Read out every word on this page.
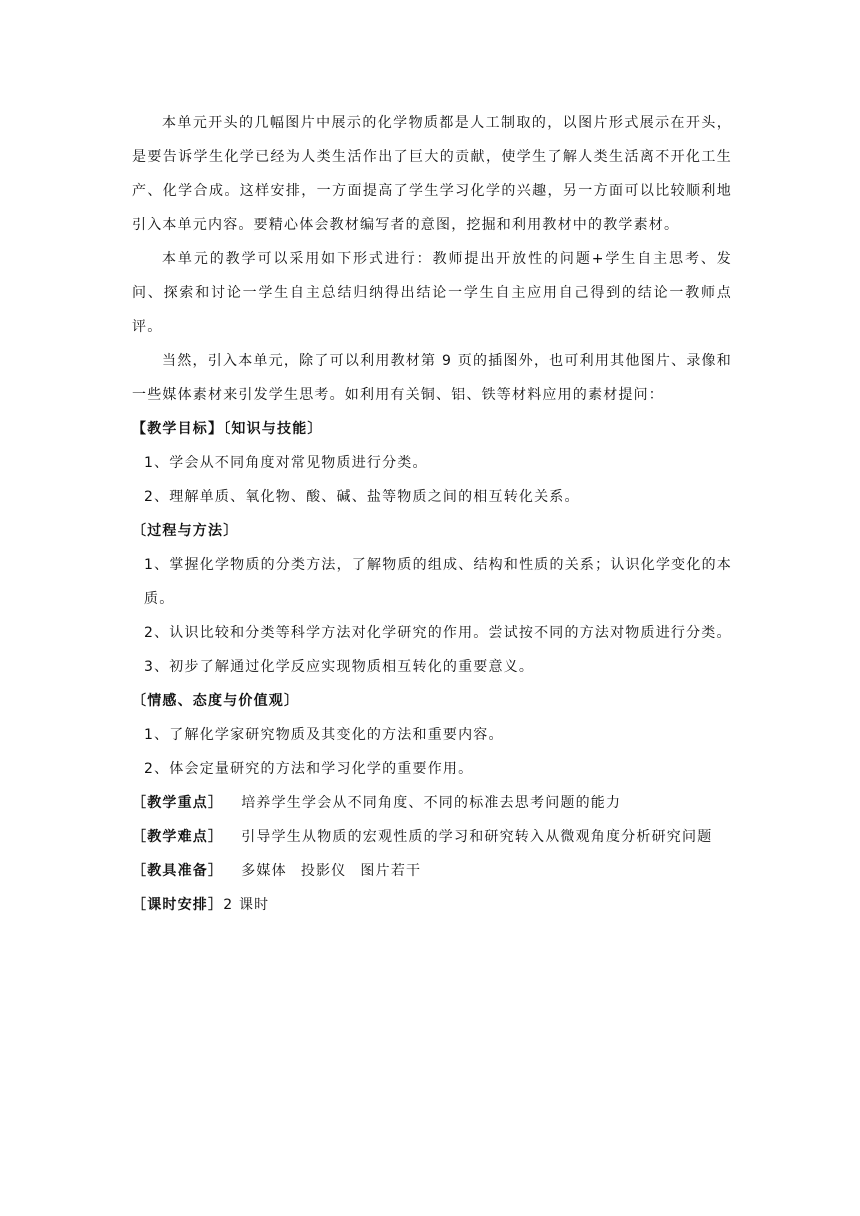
本单元开头的几幅图片中展示的化学物质都是人工制取的，以图片形式展示在开头，是要告诉学生化学已经为人类生活作出了巨大的贡献，使学生了解人类生活离不开化工生产、化学合成。这样安排，一方面提高了学生学习化学的兴趣，另一方面可以比较顺利地引入本单元内容。要精心体会教材编写者的意图，挖掘和利用教材中的教学素材。

本单元的教学可以采用如下形式进行：教师提出开放性的问题+学生自主思考、发问、探索和讨论一学生自主总结归纳得出结论一学生自主应用自己得到的结论一教师点评。

当然，引入本单元，除了可以利用教材第 9 页的插图外，也可利用其他图片、录像和一些媒体素材来引发学生思考。如利用有关铜、铝、铁等材料应用的素材提问：

【教学目标】〔知识与技能〕

1、学会从不同角度对常见物质进行分类。

2、理解单质、氧化物、酸、碱、盐等物质之间的相互转化关系。

〔过程与方法〕

1、掌握化学物质的分类方法，了解物质的组成、结构和性质的关系；认识化学变化的本质。

2、认识比较和分类等科学方法对化学研究的作用。尝试按不同的方法对物质进行分类。

3、初步了解通过化学反应实现物质相互转化的重要意义。

〔情感、态度与价值观〕

1、了解化学家研究物质及其变化的方法和重要内容。

2、体会定量研究的方法和学习化学的重要作用。

［教学重点］ 培养学生学会从不同角度、不同的标准去思考问题的能力

［教学难点］ 引导学生从物质的宏观性质的学习和研究转入从微观角度分析研究问题

［教具准备］ 多媒体 投影仪 图片若干

［课时安排］2 课时
